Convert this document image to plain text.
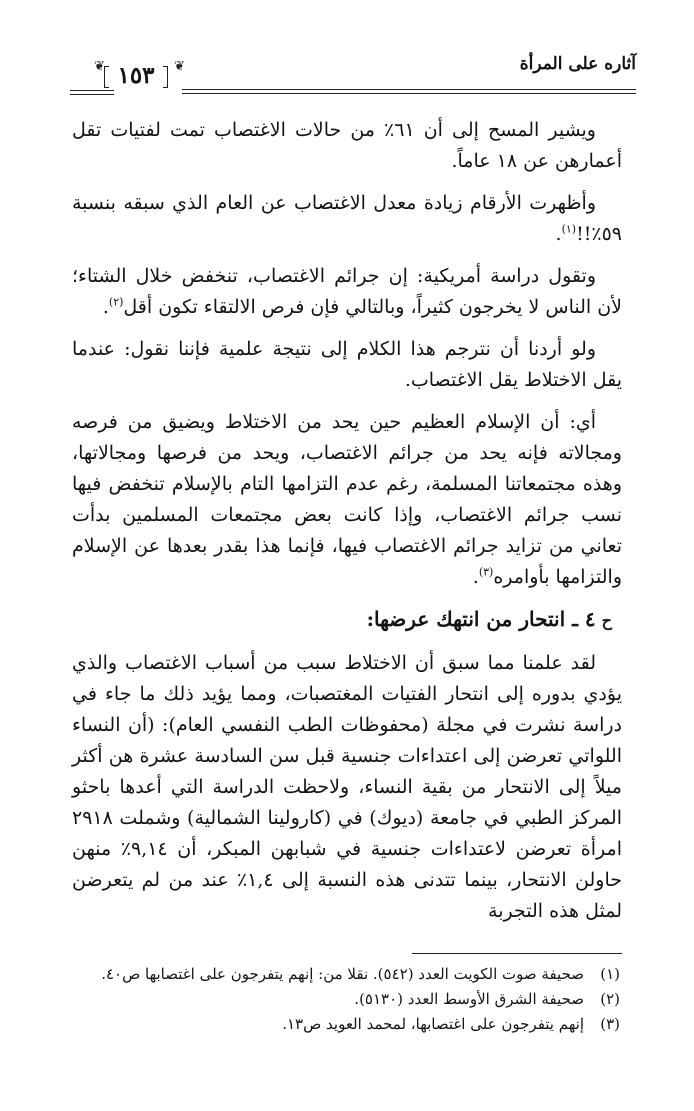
آثاره على المرأة
١٥٣	❦
❦

ويشير المسح إلى أن ٦١٪ من حالات الاغتصاب تمت لفتيات تقل أعمارهن عن ١٨ عاماً.

وأظهرت الأرقام زيادة معدل الاغتصاب عن العام الذي سبقه بنسبة ٥٩٪!!$^{(١)}$.

وتقول دراسة أمريكية: إن جرائم الاغتصاب، تنخفض خلال الشتاء؛ لأن الناس لا يخرجون كثيراً، وبالتالي فإن فرص الالتقاء تكون أقل$^{(٢)}$.

ولو أردنا أن نترجم هذا الكلام إلى نتيجة علمية فإننا نقول: عندما يقل الاختلاط يقل الاغتصاب.

أي: أن الإسلام العظيم حين يحد من الاختلاط ويضيق من فرصه ومجالاته فإنه يحد من جرائم الاغتصاب، ويحد من فرصها ومجالاتها، وهذه مجتمعاتنا المسلمة، رغم عدم التزامها التام بالإسلام تنخفض فيها نسب جرائم الاغتصاب، وإذا كانت بعض مجتمعات المسلمين بدأت تعاني من تزايد جرائم الاغتصاب فيها، فإنما هذا بقدر بعدها عن الإسلام والتزامها بأوامره$^{(٣)}$.

ح٤ ـ انتحار من انتهك عرضها:

لقد علمنا مما سبق أن الاختلاط سبب من أسباب الاغتصاب والذي يؤدي بدوره إلى انتحار الفتيات المغتصبات، ومما يؤيد ذلك ما جاء في دراسة نشرت في مجلة (محفوظات الطب النفسي العام): (أن النساء اللواتي تعرضن إلى اعتداءات جنسية قبل سن السادسة عشرة هن أكثر ميلاً إلى الانتحار من بقية النساء، ولاحظت الدراسة التي أعدها باحثو المركز الطبي في جامعة (ديوك) في (كارولينا الشمالية) وشملت ٢٩١٨ امرأة تعرضن لاعتداءات جنسية في شبابهن المبكر، أن ٩,١٤٪ منهن حاولن الانتحار، بينما تتدنى هذه النسبة إلى ١,٤٪ عند من لم يتعرضن لمثل هذه التجربة

(١)
صحيفة صوت الكويت العدد (٥٤٢). نقلا من: إنهم يتفرجون على اغتصابها ص٤٠.
(٢)
صحيفة الشرق الأوسط العدد (٥١٣٠).
(٣)
إنهم يتفرجون على اغتصابها، لمحمد العويد ص١٣.
